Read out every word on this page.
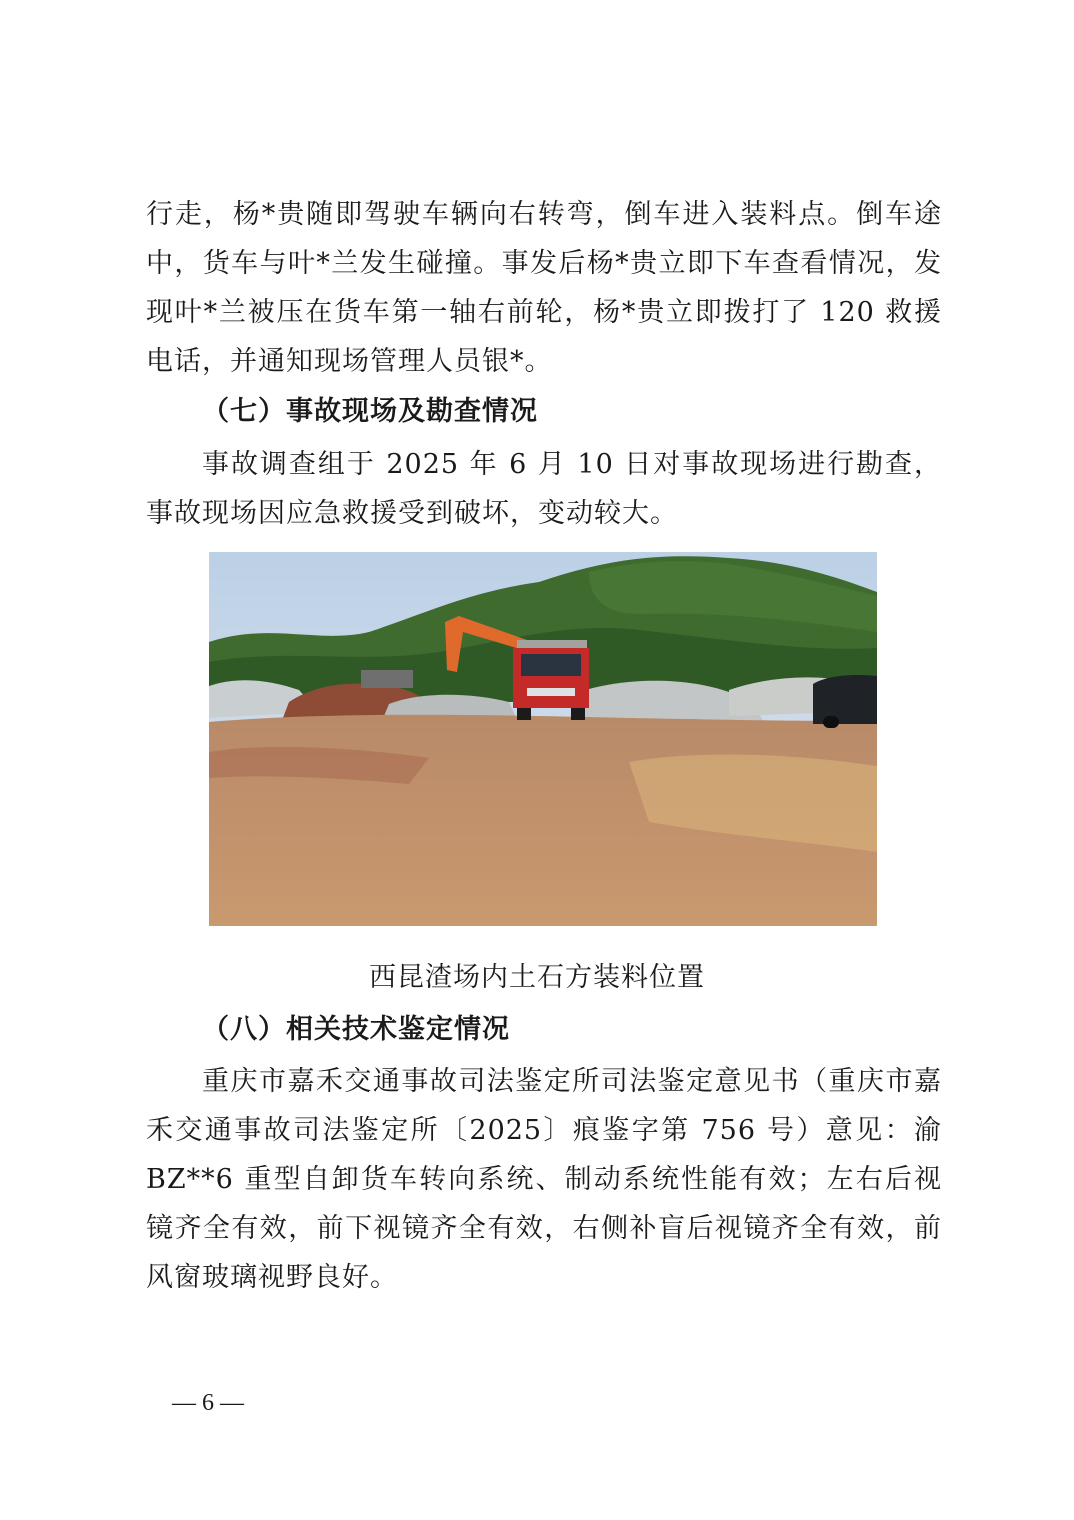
行走，杨*贵随即驾驶车辆向右转弯，倒车进入装料点。倒车途中，货车与叶*兰发生碰撞。事发后杨*贵立即下车查看情况，发现叶*兰被压在货车第一轴右前轮，杨*贵立即拨打了 120 救援电话，并通知现场管理人员银*。

（七）事故现场及勘查情况

事故调查组于 2025 年 6 月 10 日对事故现场进行勘查，事故现场因应急救援受到破坏，变动较大。

西昆渣场内土石方装料位置

（八）相关技术鉴定情况

重庆市嘉禾交通事故司法鉴定所司法鉴定意见书（重庆市嘉禾交通事故司法鉴定所〔2025〕痕鉴字第 756 号）意见：渝 BZ**6 重型自卸货车转向系统、制动系统性能有效；左右后视镜齐全有效，前下视镜齐全有效，右侧补盲后视镜齐全有效，前风窗玻璃视野良好。

— 6 —
